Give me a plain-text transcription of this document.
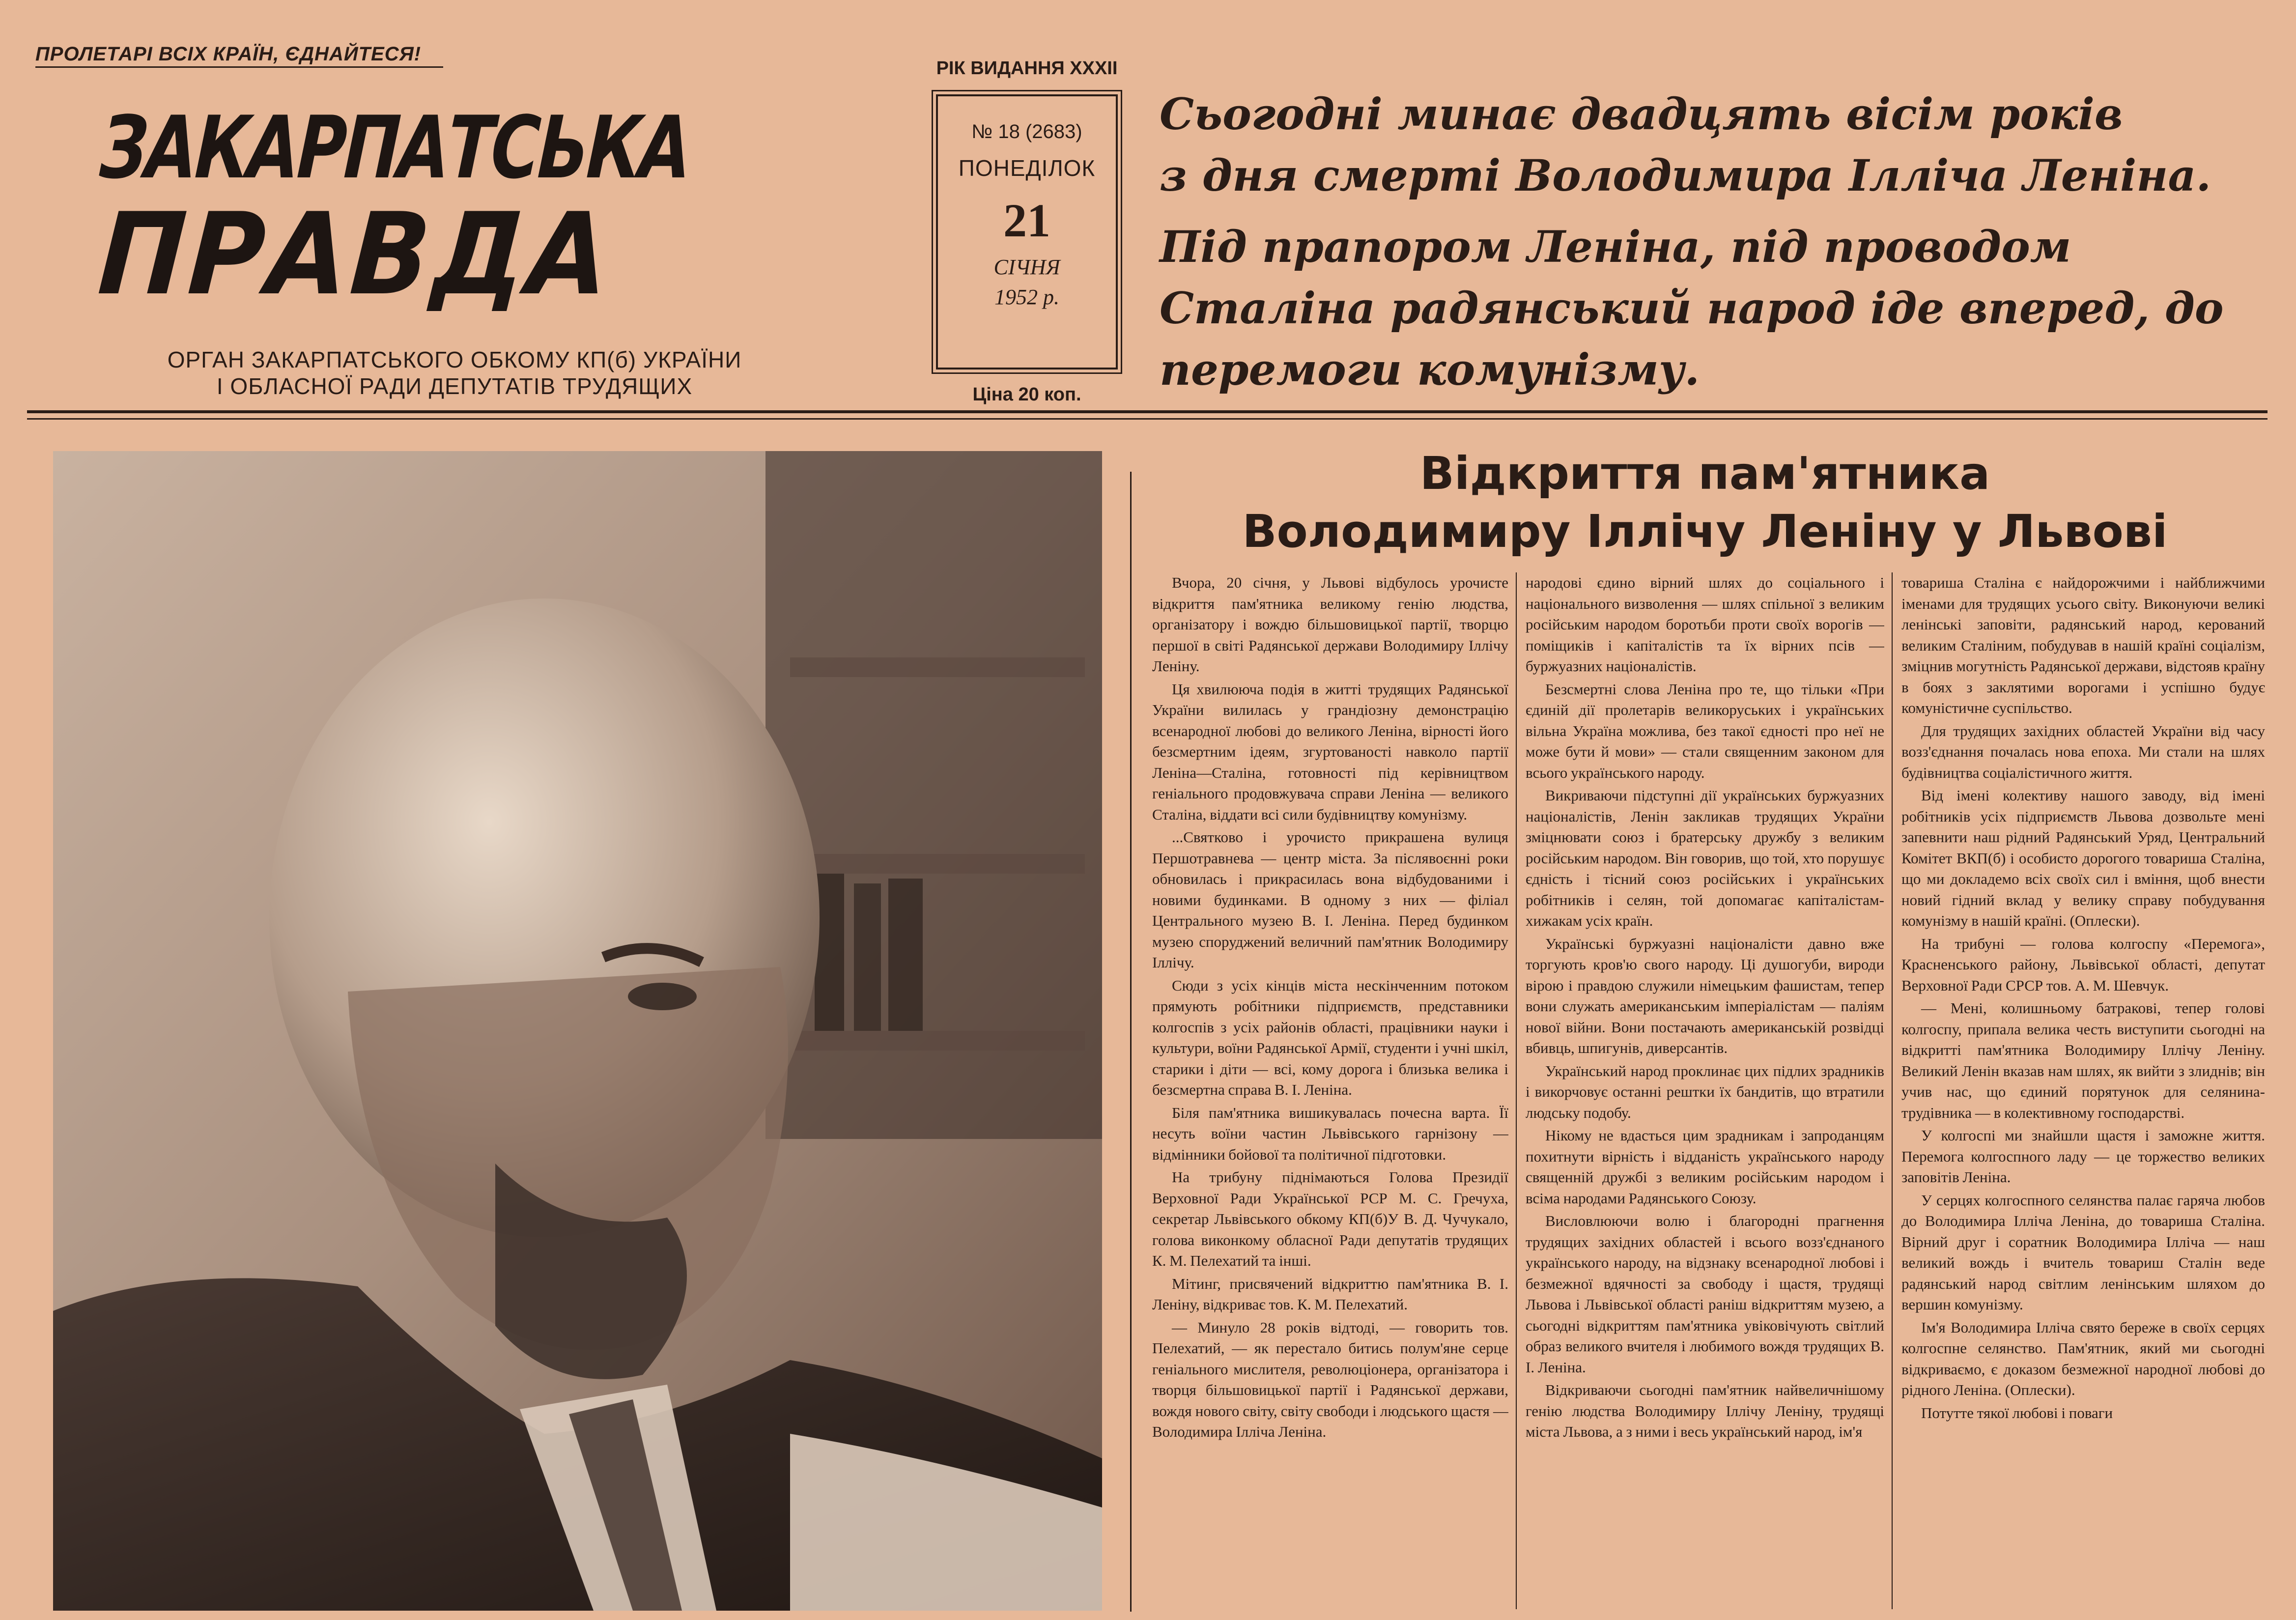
ПРОЛЕТАРІ ВСІХ КРАЇН, ЄДНАЙТЕСЯ!
ЗАКАРПАТСЬКА
ПРАВДА
ОРГАН ЗАКАРПАТСЬКОГО ОБКОМУ КП(б) УКРАЇНИ
І ОБЛАСНОЇ РАДИ ДЕПУТАТІВ ТРУДЯЩИХ
РІК ВИДАННЯ XXXII
№ 18 (2683)
ПОНЕДІЛОК
21
СІЧНЯ
1952 р.
Ціна 20 коп.
Сьогодні минає двадцять вісім років
з дня смерті Володимира Ілліча Леніна.
Під прапором Леніна, під проводом
Сталіна радянський народ іде вперед, до
перемоги комунізму.
Відкриття пам'ятника
Володимиру Іллічу Леніну у Львові

Вчора, 20 січня, у Львові відбулось урочисте відкриття пам'ятника великому генію людства, організатору і вождю більшовицької партії, творцю першої в світі Радянської держави Володимиру Іллічу Леніну.

Ця хвилююча подія в житті трудящих Радянської України вилилась у грандіозну демонстрацію всенародної любові до великого Леніна, вірності його безсмертним ідеям, згуртованості навколо партії Леніна—Сталіна, готовності під керівництвом геніального продовжувача справи Леніна — великого Сталіна, віддати всі сили будівництву комунізму.

...Святково і урочисто прикрашена вулиця Першотравнева — центр міста. За післявоєнні роки обновилась і прикрасилась вона відбудованими і новими будинками. В одному з них — філіал Центрального музею В. І. Леніна. Перед будинком музею споруджений величний пам'ятник Володимиру Іллічу.

Сюди з усіх кінців міста нескінченним потоком прямують робітники підприємств, представники колгоспів з усіх районів області, працівники науки і культури, воїни Радянської Армії, студенти і учні шкіл, старики і діти — всі, кому дорога і близька велика і безсмертна справа В. І. Леніна.

Біля пам'ятника вишикувалась почесна варта. Її несуть воїни частин Львівського гарнізону — відмінники бойової та політичної підготовки.

На трибуну піднімаються Голова Президії Верховної Ради Української РСР М. С. Гречуха, секретар Львівського обкому КП(б)У В. Д. Чучукало, голова виконкому обласної Ради депутатів трудящих К. М. Пелехатий та інші.

Мітинг, присвячений відкриттю пам'ятника В. І. Леніну, відкриває тов. К. М. Пелехатий.

— Минуло 28 років відтоді, — говорить тов. Пелехатий, — як перестало битись полум'яне серце геніального мислителя, революціонера, організатора і творця більшовицької партії і Радянської держави, вождя нового світу, світу свободи і людського щастя — Володимира Ілліча Леніна.

народові єдино вірний шлях до соціального і національного визволення — шлях спільної з великим російським народом боротьби проти своїх ворогів — поміщиків і капіталістів та їх вірних псів — буржуазних націоналістів.

Безсмертні слова Леніна про те, що тільки «При єдиній дії пролетарів великоруських і українських вільна Україна можлива, без такої єдності про неї не може бути й мови» — стали священним законом для всього українського народу.

Викриваючи підступні дії українських буржуазних націоналістів, Ленін закликав трудящих України зміцнювати союз і братерську дружбу з великим російським народом. Він говорив, що той, хто порушує єдність і тісний союз російських і українських робітників і селян, той допомагає капіталістам-хижакам усіх країн.

Українські буржуазні націоналісти давно вже торгують кров'ю свого народу. Ці душогуби, вироди вірою і правдою служили німецьким фашистам, тепер вони служать американським імперіалістам — паліям нової війни. Вони постачають американській розвідці вбивць, шпигунів, диверсантів.

Український народ проклинає цих підлих зрадників і викорчовує останні рештки їх бандитів, що втратили людську подобу.

Нікому не вдасться цим зрадникам і запроданцям похитнути вірність і відданість українського народу священній дружбі з великим російським народом і всіма народами Радянського Союзу.

Висловлюючи волю і благородні прагнення трудящих західних областей і всього возз'єднаного українського народу, на відзнаку всенародної любові і безмежної вдячності за свободу і щастя, трудящі Львова і Львівської області раніш відкриттям музею, а сьогодні відкриттям пам'ятника увіковічують світлий образ великого вчителя і любимого вождя трудящих В. І. Леніна.

Відкриваючи сьогодні пам'ятник найвеличнішому генію людства Володимиру Іллічу Леніну, трудящі міста Львова, а з ними і весь український народ, ім'я

товариша Сталіна є найдорожчими і найближчими іменами для трудящих усього світу. Виконуючи великі ленінські заповіти, радянський народ, керований великим Сталіним, побудував в нашій країні соціалізм, зміцнив могутність Радянської держави, відстояв країну в боях з заклятими ворогами і успішно будує комуністичне суспільство.

Для трудящих західних областей України від часу возз'єднання почалась нова епоха. Ми стали на шлях будівництва соціалістичного життя.

Від імені колективу нашого заводу, від імені робітників усіх підприємств Львова дозвольте мені запевнити наш рідний Радянський Уряд, Центральний Комітет ВКП(б) і особисто дорогого товариша Сталіна, що ми докладемо всіх своїх сил і вміння, щоб внести новий гідний вклад у велику справу побудування комунізму в нашій країні. (Оплески).

На трибуні — голова колгоспу «Перемога», Красненського району, Львівської області, депутат Верховної Ради СРСР тов. А. М. Шевчук.

— Мені, колишньому батракові, тепер голові колгоспу, припала велика честь виступити сьогодні на відкритті пам'ятника Володимиру Іллічу Леніну. Великий Ленін вказав нам шлях, як вийти з злиднів; він учив нас, що єдиний порятунок для селянина-трудівника — в колективному господарстві.

У колгоспі ми знайшли щастя і заможне життя. Перемога колгоспного ладу — це торжество великих заповітів Леніна.

У серцях колгоспного селянства палає гаряча любов до Володимира Ілліча Леніна, до товариша Сталіна. Вірний друг і соратник Володимира Ілліча — наш великий вождь і вчитель товариш Сталін веде радянський народ світлим ленінським шляхом до вершин комунізму.

Ім'я Володимира Ілліча свято береже в своїх серцях колгоспне селянство. Пам'ятник, який ми сьогодні відкриваємо, є доказом безмежної народної любові до рідного Леніна. (Оплески).

Потутте тякої любові і поваги
